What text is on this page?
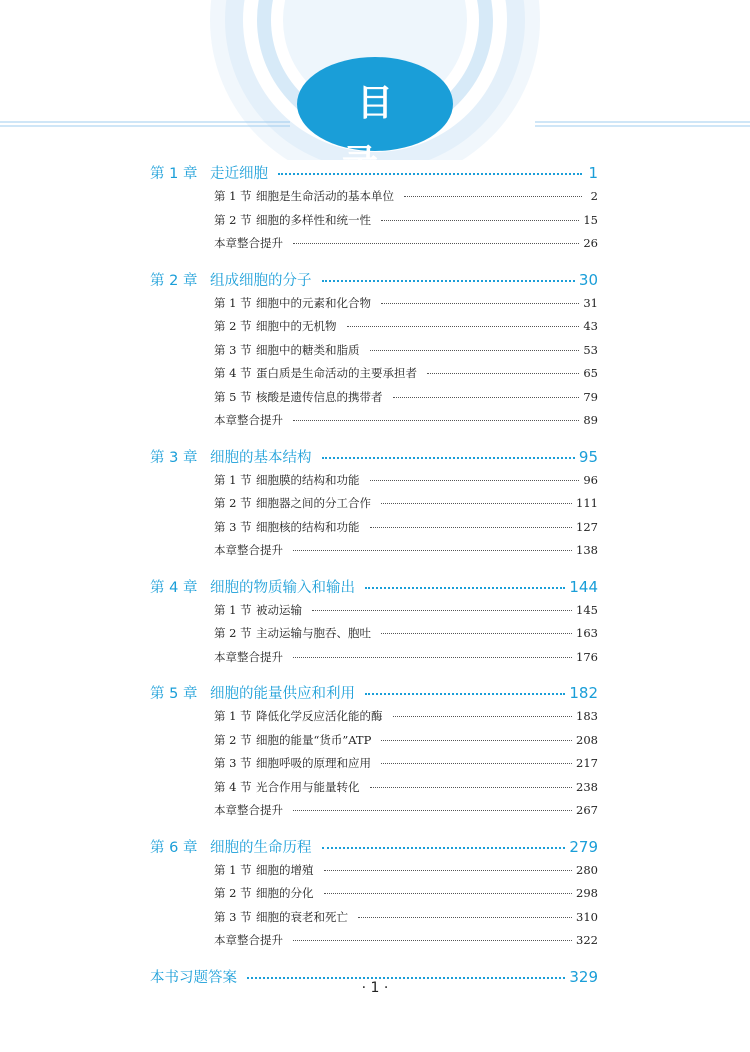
目 录
第 1 章 走近细胞	1
第 1 节 细胞是生命活动的基本单位	2
第 2 节 细胞的多样性和统一性	15
本章整合提升	26
第 2 章 组成细胞的分子	30
第 1 节 细胞中的元素和化合物	31
第 2 节 细胞中的无机物	43
第 3 节 细胞中的糖类和脂质	53
第 4 节 蛋白质是生命活动的主要承担者	65
第 5 节 核酸是遗传信息的携带者	79
本章整合提升	89
第 3 章 细胞的基本结构	95
第 1 节 细胞膜的结构和功能	96
第 2 节 细胞器之间的分工合作	111
第 3 节 细胞核的结构和功能	127
本章整合提升	138
第 4 章 细胞的物质输入和输出	144
第 1 节 被动运输	145
第 2 节 主动运输与胞吞、胞吐	163
本章整合提升	176
第 5 章 细胞的能量供应和利用	182
第 1 节 降低化学反应活化能的酶	183
第 2 节 细胞的能量“货币”ATP	208
第 3 节 细胞呼吸的原理和应用	217
第 4 节 光合作用与能量转化	238
本章整合提升	267
第 6 章 细胞的生命历程	279
第 1 节 细胞的增殖	280
第 2 节 细胞的分化	298
第 3 节 细胞的衰老和死亡	310
本章整合提升	322
本书习题答案	329
· 1 ·
